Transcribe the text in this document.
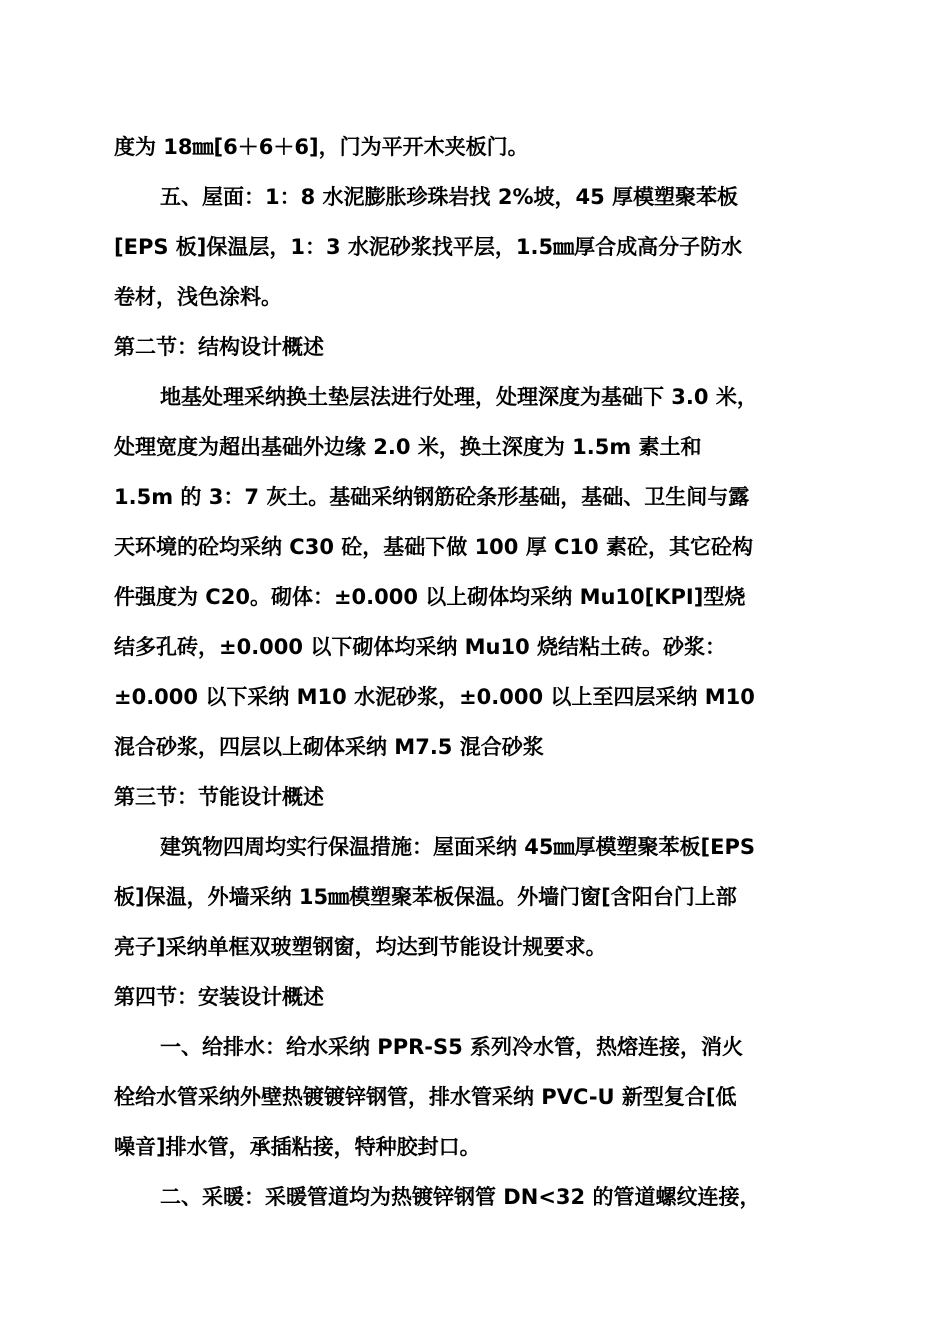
度为 18㎜[6＋6＋6]，门为平开木夹板门。

五、屋面：1：8 水泥膨胀珍珠岩找 2%坡，45 厚模塑聚苯板

[EPS 板]保温层，1：3 水泥砂浆找平层，1.5㎜厚合成高分子防水

卷材，浅色涂料。

第二节：结构设计概述

地基处理采纳换土垫层法进行处理，处理深度为基础下 3.0 米，

处理宽度为超出基础外边缘 2.0 米，换土深度为 1.5m 素土和

1.5m 的 3：7 灰土。基础采纳钢筋砼条形基础，基础、卫生间与露

天环境的砼均采纳 C30 砼，基础下做 100 厚 C10 素砼，其它砼构

件强度为 C20。砌体：±0.000 以上砌体均采纳 Mu10[KPI]型烧

结多孔砖，±0.000 以下砌体均采纳 Mu10 烧结粘土砖。砂浆：

±0.000 以下采纳 M10 水泥砂浆，±0.000 以上至四层采纳 M10

混合砂浆，四层以上砌体采纳 M7.5 混合砂浆

第三节：节能设计概述

建筑物四周均实行保温措施：屋面采纳 45㎜厚模塑聚苯板[EPS

板]保温，外墙采纳 15㎜模塑聚苯板保温。外墙门窗[含阳台门上部

亮子]采纳单框双玻塑钢窗，均达到节能设计规要求。

第四节：安装设计概述

一、给排水：给水采纳 PPR-S5 系列冷水管，热熔连接，消火

栓给水管采纳外壁热镀镀锌钢管，排水管采纳 PVC-U 新型复合[低

噪音]排水管，承插粘接，特种胶封口。

二、采暖：采暖管道均为热镀锌钢管 DN<32 的管道螺纹连接，
